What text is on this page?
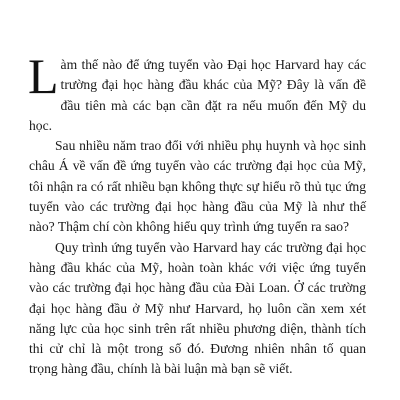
Làm thế nào để ứng tuyển vào Đại học Harvard hay các trường đại học hàng đầu khác của Mỹ? Đây là vấn đề đầu tiên mà các bạn cần đặt ra nếu muốn đến Mỹ du học.

Sau nhiều năm trao đổi với nhiều phụ huynh và học sinh châu Á về vấn đề ứng tuyển vào các trường đại học của Mỹ, tôi nhận ra có rất nhiều bạn không thực sự hiểu rõ thủ tục ứng tuyển vào các trường đại học hàng đầu của Mỹ là như thế nào? Thậm chí còn không hiểu quy trình ứng tuyển ra sao?

Quy trình ứng tuyển vào Harvard hay các trường đại học hàng đầu khác của Mỹ, hoàn toàn khác với việc ứng tuyển vào các trường đại học hàng đầu của Đài Loan. Ở các trường đại học hàng đầu ở Mỹ như Harvard, họ luôn cần xem xét năng lực của học sinh trên rất nhiều phương diện, thành tích thi cử chỉ là một trong số đó. Đương nhiên nhân tố quan trọng hàng đầu, chính là bài luận mà bạn sẽ viết.
